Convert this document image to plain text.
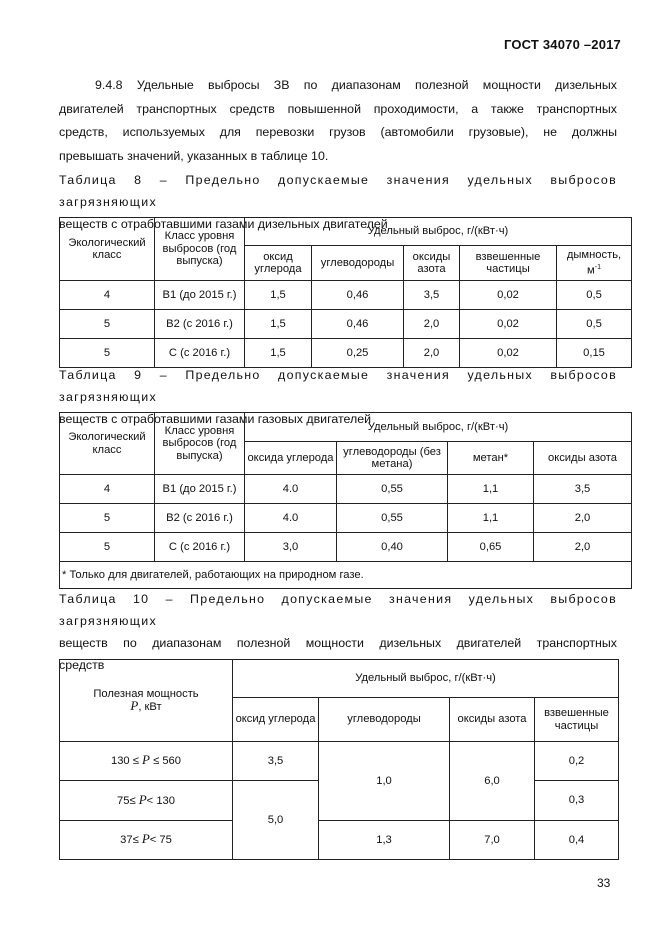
ГОСТ 34070 –2017
9.4.8 Удельные выбросы ЗВ по диапазонам полезной мощности дизельных
двигателей транспортных средств повышенной проходимости, а также транспортных
средств, используемых для перевозки грузов (автомобили грузовые), не должны
превышать значений, указанных в таблице 10.
Таблица 8 – Предельно допускаемые значения удельных выбросов загрязняющих
веществ с отработавшими газами дизельных двигателей
Экологический класс	Класс уровня выбросов (год выпуска)	Удельный выброс, г/(кВт·ч)				
		оксид углерода	углеводороды	оксиды азота	взвешенные частицы	дымность,
$м^{-1}$
4	В1 (до 2015 г.)	1,5	0,46	3,5	0,02	0,5
5	В2 (с 2016 г.)	1,5	0,46	2,0	0,02	0,5
5	С (с 2016 г.)	1,5	0,25	2,0	0,02	0,15
Таблица 9 – Предельно допускаемые значения удельных выбросов загрязняющих
веществ с отработавшими газами газовых двигателей
Экологический класс	Класс уровня выбросов (год выпуска)	Удельный выброс, г/(кВт·ч)			
		оксида углерода	углеводороды (без метана)	метан*	оксиды азота
4	В1 (до 2015 г.)	4.0	0,55	1,1	3,5
5	В2 (с 2016 г.)	4.0	0,55	1,1	2,0
5	С (с 2016 г.)	3,0	0,40	0,65	2,0
* Только для двигателей, работающих на природном газе.					
Таблица 10 – Предельно допускаемые значения удельных выбросов загрязняющих
веществ по диапазонам полезной мощности дизельных двигателей транспортных
средств
Полезная мощность
P, кВт	Удельный выброс, г/(кВт·ч)			
	оксид углерода	углеводороды	оксиды азота	взвешенные частицы
130 ≤ P ≤ 560	3,5	1,0	6,0	0,2
75≤ P< 130	5,0			0,3
37≤ P< 75		1,3	7,0	0,4
33
